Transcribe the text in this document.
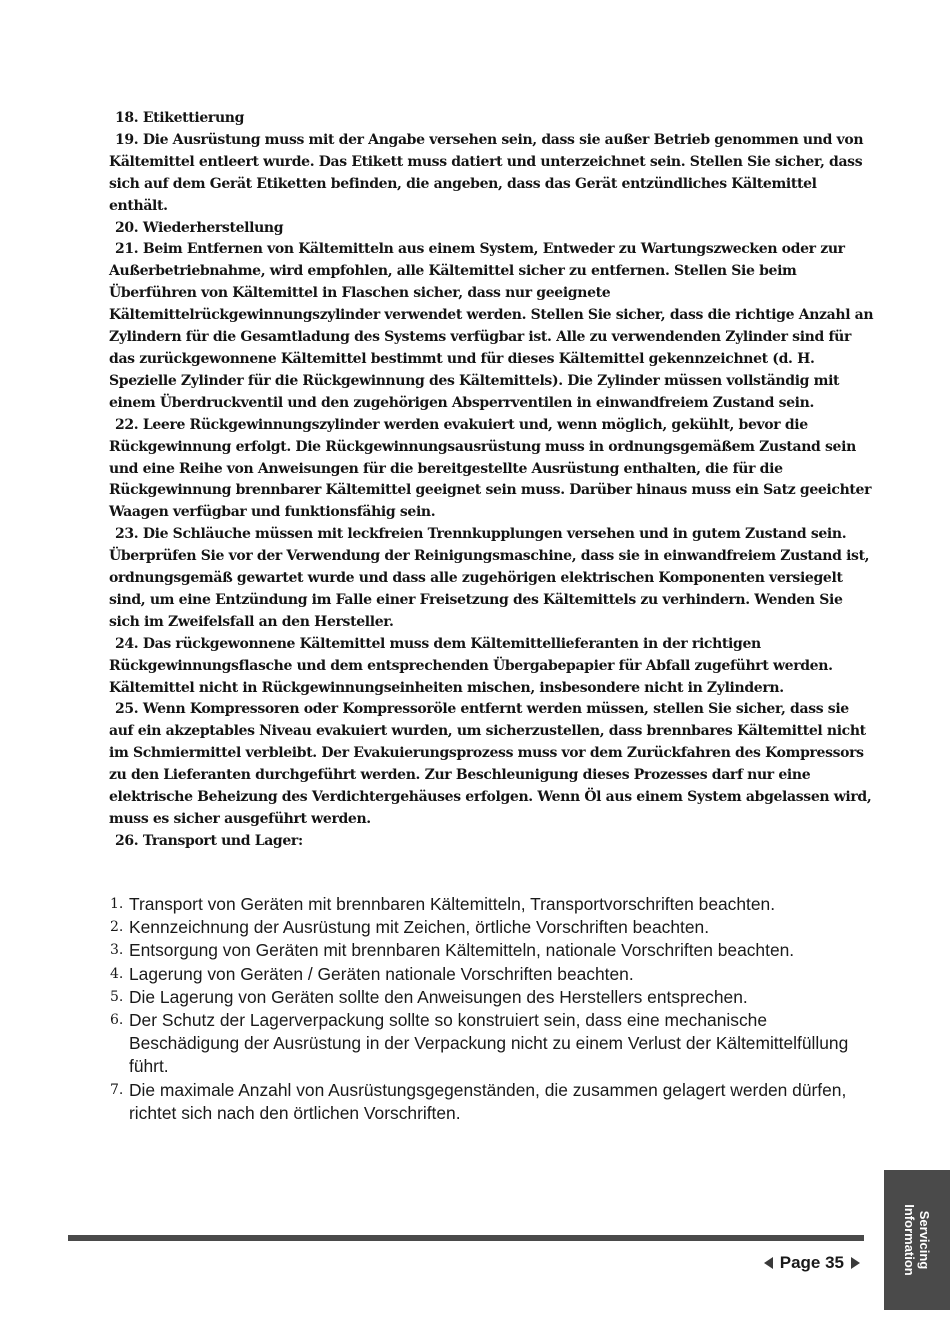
18. Etikettierung

19. Die Ausrüstung muss mit der Angabe versehen sein, dass sie außer Betrieb genommen und von Kältemittel entleert wurde. Das Etikett muss datiert und unterzeichnet sein. Stellen Sie sicher, dass sich auf dem Gerät Etiketten befinden, die angeben, dass das Gerät entzündliches Kältemittel enthält.

20. Wiederherstellung

21. Beim Entfernen von Kältemitteln aus einem System, Entweder zu Wartungszwecken oder zur Außerbetriebnahme, wird empfohlen, alle Kältemittel sicher zu entfernen. Stellen Sie beim Überführen von Kältemittel in Flaschen sicher, dass nur geeignete Kältemittelrückgewinnungszylinder verwendet werden. Stellen Sie sicher, dass die richtige Anzahl an Zylindern für die Gesamtladung des Systems verfügbar ist. Alle zu verwendenden Zylinder sind für das zurückgewonnene Kältemittel bestimmt und für dieses Kältemittel gekennzeichnet (d. H. Spezielle Zylinder für die Rückgewinnung des Kältemittels). Die Zylinder müssen vollständig mit einem Überdruckventil und den zugehörigen Absperrventilen in einwandfreiem Zustand sein.

22. Leere Rückgewinnungszylinder werden evakuiert und, wenn möglich, gekühlt, bevor die Rückgewinnung erfolgt. Die Rückgewinnungsausrüstung muss in ordnungsgemäßem Zustand sein und eine Reihe von Anweisungen für die bereitgestellte Ausrüstung enthalten, die für die Rückgewinnung brennbarer Kältemittel geeignet sein muss. Darüber hinaus muss ein Satz geeichter Waagen verfügbar und funktionsfähig sein.

23. Die Schläuche müssen mit leckfreien Trennkupplungen versehen und in gutem Zustand sein. Überprüfen Sie vor der Verwendung der Reinigungsmaschine, dass sie in einwandfreiem Zustand ist, ordnungsgemäß gewartet wurde und dass alle zugehörigen elektrischen Komponenten versiegelt sind, um eine Entzündung im Falle einer Freisetzung des Kältemittels zu verhindern. Wenden Sie sich im Zweifelsfall an den Hersteller.

24. Das rückgewonnene Kältemittel muss dem Kältemittellieferanten in der richtigen Rückgewinnungsflasche und dem entsprechenden Übergabepapier für Abfall zugeführt werden. Kältemittel nicht in Rückgewinnungseinheiten mischen, insbesondere nicht in Zylindern.

25. Wenn Kompressoren oder Kompressoröle entfernt werden müssen, stellen Sie sicher, dass sie auf ein akzeptables Niveau evakuiert wurden, um sicherzustellen, dass brennbares Kältemittel nicht im Schmiermittel verbleibt. Der Evakuierungsprozess muss vor dem Zurückfahren des Kompressors zu den Lieferanten durchgeführt werden. Zur Beschleunigung dieses Prozesses darf nur eine elektrische Beheizung des Verdichtergehäuses erfolgen. Wenn Öl aus einem System abgelassen wird, muss es sicher ausgeführt werden.

26. Transport und Lager:

1. Transport von Geräten mit brennbaren Kältemitteln, Transportvorschriften beachten.
2. Kennzeichnung der Ausrüstung mit Zeichen, örtliche Vorschriften beachten.
3. Entsorgung von Geräten mit brennbaren Kältemitteln, nationale Vorschriften beachten.
4. Lagerung von Geräten / Geräten nationale Vorschriften beachten.
5. Die Lagerung von Geräten sollte den Anweisungen des Herstellers entsprechen.
6. Der Schutz der Lagerverpackung sollte so konstruiert sein, dass eine mechanische Beschädigung der Ausrüstung in der Verpackung nicht zu einem Verlust der Kältemittelfüllung führt.
7. Die maximale Anzahl von Ausrüstungsgegenständen, die zusammen gelagert werden dürfen, richtet sich nach den örtlichen Vorschriften.
Servicing
Information
Page 35
